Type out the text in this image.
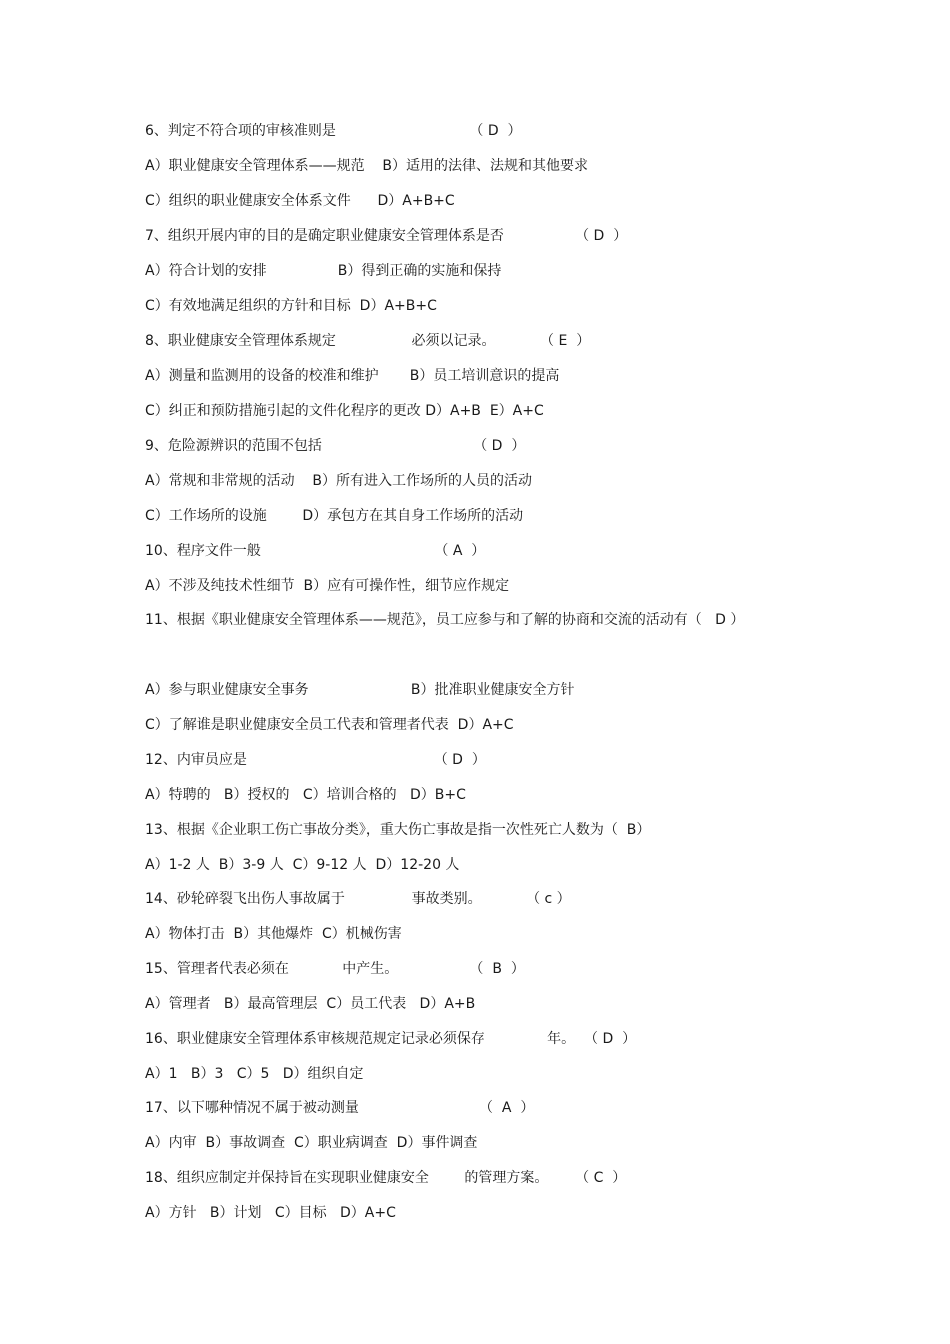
6、判定不符合项的审核准则是                              （ D  ）
A）职业健康安全管理体系——规范    B）适用的法律、法规和其他要求
C）组织的职业健康安全体系文件      D）A+B+C
7、组织开展内审的目的是确定职业健康安全管理体系是否                （ D  ）
A）符合计划的安排                B）得到正确的实施和保持
C）有效地满足组织的方针和目标  D）A+B+C
8、职业健康安全管理体系规定                 必须以记录。          （ E  ）
A）测量和监测用的设备的校准和维护       B）员工培训意识的提高
C）纠正和预防措施引起的文件化程序的更改 D）A+B  E）A+C
9、危险源辨识的范围不包括                                  （ D  ）
A）常规和非常规的活动    B）所有进入工作场所的人员的活动
C）工作场所的设施        D）承包方在其自身工作场所的活动
10、程序文件一般                                       （ A  ）
A）不涉及纯技术性细节  B）应有可操作性，细节应作规定
11、根据《职业健康安全管理体系——规范》，员工应参与和了解的协商和交流的活动有（   D ）
A）参与职业健康安全事务                       B）批准职业健康安全方针
C）了解谁是职业健康安全员工代表和管理者代表  D）A+C
12、内审员应是                                          （ D  ）
A）特聘的   B）授权的   C）培训合格的   D）B+C
13、根据《企业职工伤亡事故分类》，重大伤亡事故是指一次性死亡人数为（  B）
A）1-2 人  B）3-9 人  C）9-12 人  D）12-20 人
14、砂轮碎裂飞出伤人事故属于               事故类别。          （ c ）
A）物体打击  B）其他爆炸  C）机械伤害
15、管理者代表必须在            中产生。                （  B  ）
A）管理者   B）最高管理层  C）员工代表   D）A+B
16、职业健康安全管理体系审核规范规定记录必须保存              年。  （ D  ）
A）1   B）3   C）5   D）组织自定
17、以下哪种情况不属于被动测量                           （  A  ）
A）内审  B）事故调查  C）职业病调查  D）事件调查
18、组织应制定并保持旨在实现职业健康安全        的管理方案。      （ C  ）
A）方针   B）计划   C）目标   D）A+C
